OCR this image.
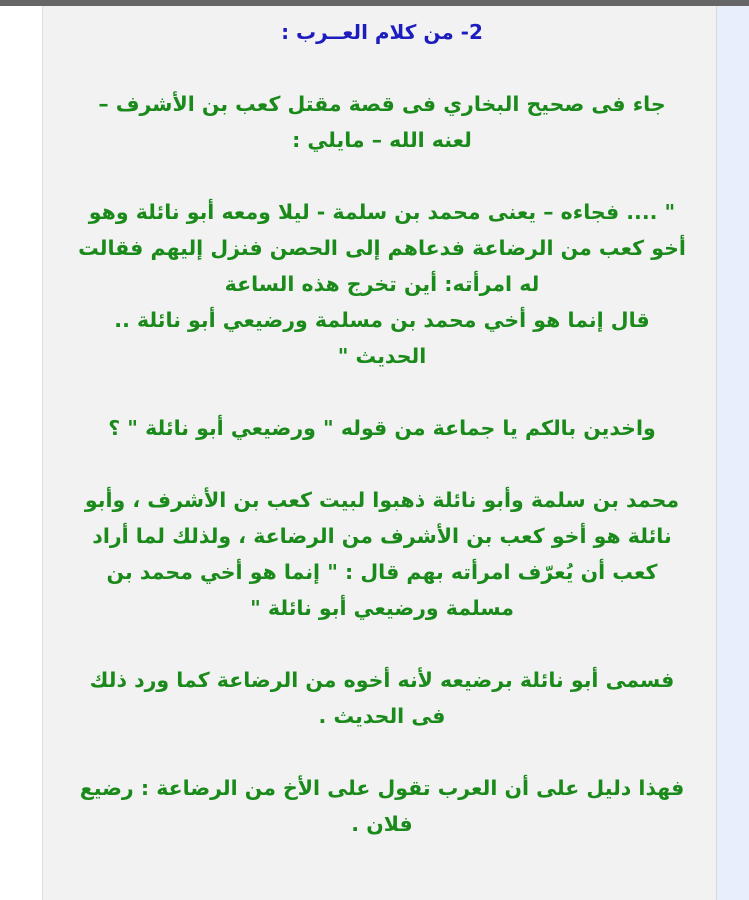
2- من كلام العــرب :
جاء فى صحيح البخاري فى قصة مقتل كعب بن الأشرف –
لعنه الله – مايلي :
" .... فجاءه – يعنى محمد بن سلمة - ليلا ومعه أبو نائلة وهو
أخو كعب من الرضاعة فدعاهم إلى الحصن فنزل إليهم فقالت
له امرأته: أين تخرج هذه الساعة
قال إنما هو أخي محمد بن مسلمة ورضيعي أبو نائلة ..
الحديث "
واخدين بالكم يا جماعة من قوله " ورضيعي أبو نائلة " ؟
محمد بن سلمة وأبو نائلة ذهبوا لبيت كعب بن الأشرف ، وأبو
نائلة هو أخو كعب بن الأشرف من الرضاعة ، ولذلك لما أراد
كعب أن يُعرّف امرأته بهم قال : " إنما هو أخي محمد بن
مسلمة ورضيعي أبو نائلة "
فسمى أبو نائلة برضيعه لأنه أخوه من الرضاعة كما ورد ذلك
فى الحديث .
فهذا دليل على أن العرب تقول على الأخ من الرضاعة : رضيع
فلان .
